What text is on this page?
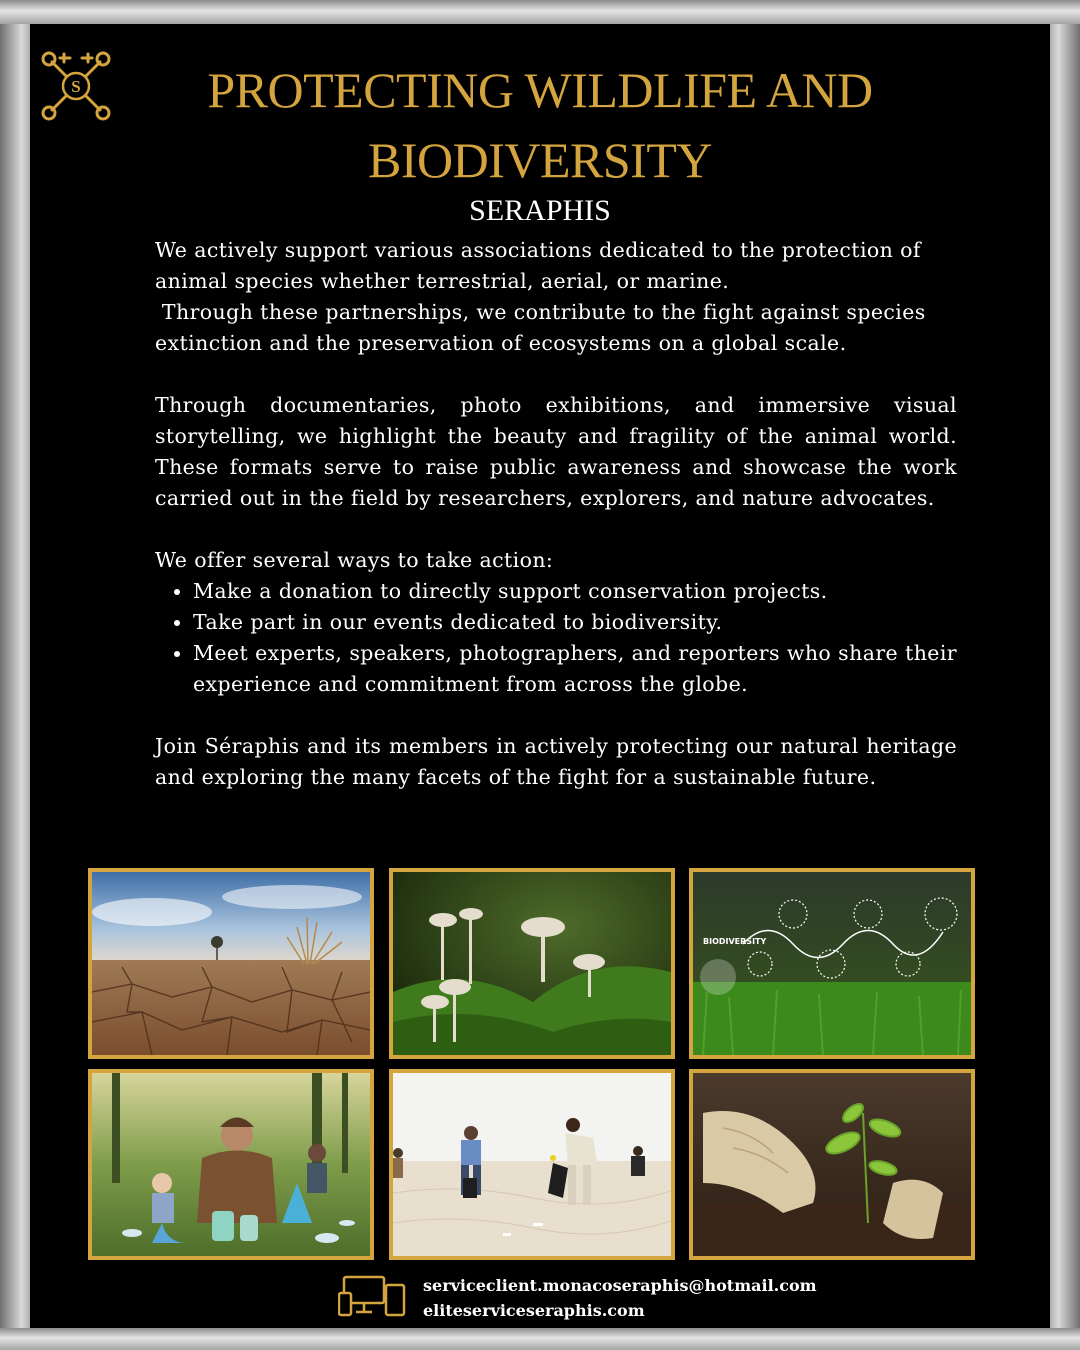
S	PROTECTING WILDLIFE AND BIODIVERSITY
SERAPHIS

We actively support various associations dedicated to the protection of animal species whether terrestrial, aerial, or marine.

Through these partnerships, we contribute to the fight against species extinction and the preservation of ecosystems on a global scale.

Through documentaries, photo exhibitions, and immersive visual storytelling, we highlight the beauty and fragility of the animal world. These formats serve to raise public awareness and showcase the work carried out in the field by researchers, explorers, and nature advocates.

We offer several ways to take action:

• Make a donation to directly support conservation projects.
• Take part in our events dedicated to biodiversity.
• Meet experts, speakers, photographers, and reporters who share their experience and commitment from across the globe.

Join Séraphis and its members in actively protecting our natural heritage and exploring the many facets of the fight for a sustainable future.

BIODIVERSITY
serviceclient.monacoseraphis@hotmail.com
eliteserviceseraphis.com
